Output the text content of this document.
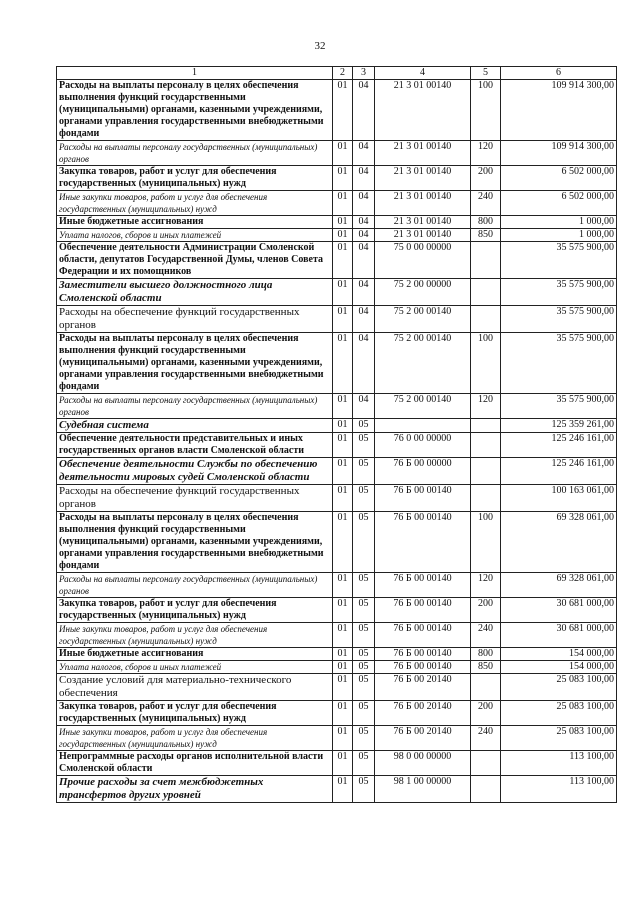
32
1	2	3	4	5	6
Расходы на выплаты персоналу в целях обеспечения выполнения функций государственными (муниципальными) органами, казенными учреждениями, органами управления государственными внебюджетными фондами	01	04	21 3 01 00140	100	109 914 300,00
Расходы на выплаты персоналу государственных (муниципальных) органов	01	04	21 3 01 00140	120	109 914 300,00
Закупка товаров, работ и услуг для обеспечения государственных (муниципальных) нужд	01	04	21 3 01 00140	200	6 502 000,00
Иные закупки товаров, работ и услуг для обеспечения государственных (муниципальных) нужд	01	04	21 3 01 00140	240	6 502 000,00
Иные бюджетные ассигнования	01	04	21 3 01 00140	800	1 000,00
Уплата налогов, сборов и иных платежей	01	04	21 3 01 00140	850	1 000,00
Обеспечение деятельности Администрации Смоленской области, депутатов Государственной Думы, членов Совета Федерации и их помощников	01	04	75 0 00 00000		35 575 900,00
Заместители высшего должностного лица Смоленской области	01	04	75 2 00 00000		35 575 900,00
Расходы на обеспечение функций государственных органов	01	04	75 2 00 00140		35 575 900,00
Расходы на выплаты персоналу в целях обеспечения выполнения функций государственными (муниципальными) органами, казенными учреждениями, органами управления государственными внебюджетными фондами	01	04	75 2 00 00140	100	35 575 900,00
Расходы на выплаты персоналу государственных (муниципальных) органов	01	04	75 2 00 00140	120	35 575 900,00
Судебная система	01	05			125 359 261,00
Обеспечение деятельности представительных и иных государственных органов власти Смоленской области	01	05	76 0 00 00000		125 246 161,00
Обеспечение деятельности Службы по обеспечению деятельности мировых судей Смоленской области	01	05	76 Б 00 00000		125 246 161,00
Расходы на обеспечение функций государственных органов	01	05	76 Б 00 00140		100 163 061,00
Расходы на выплаты персоналу в целях обеспечения выполнения функций государственными (муниципальными) органами, казенными учреждениями, органами управления государственными внебюджетными фондами	01	05	76 Б 00 00140	100	69 328 061,00
Расходы на выплаты персоналу государственных (муниципальных) органов	01	05	76 Б 00 00140	120	69 328 061,00
Закупка товаров, работ и услуг для обеспечения государственных (муниципальных) нужд	01	05	76 Б 00 00140	200	30 681 000,00
Иные закупки товаров, работ и услуг для обеспечения государственных (муниципальных) нужд	01	05	76 Б 00 00140	240	30 681 000,00
Иные бюджетные ассигнования	01	05	76 Б 00 00140	800	154 000,00
Уплата налогов, сборов и иных платежей	01	05	76 Б 00 00140	850	154 000,00
Создание условий для материально-технического обеспечения	01	05	76 Б 00 20140		25 083 100,00
Закупка товаров, работ и услуг для обеспечения государственных (муниципальных) нужд	01	05	76 Б 00 20140	200	25 083 100,00
Иные закупки товаров, работ и услуг для обеспечения государственных (муниципальных) нужд	01	05	76 Б 00 20140	240	25 083 100,00
Непрограммные расходы органов исполнительной власти Смоленской области	01	05	98 0 00 00000		113 100,00
Прочие расходы за счет межбюджетных трансфертов других уровней	01	05	98 1 00 00000		113 100,00
